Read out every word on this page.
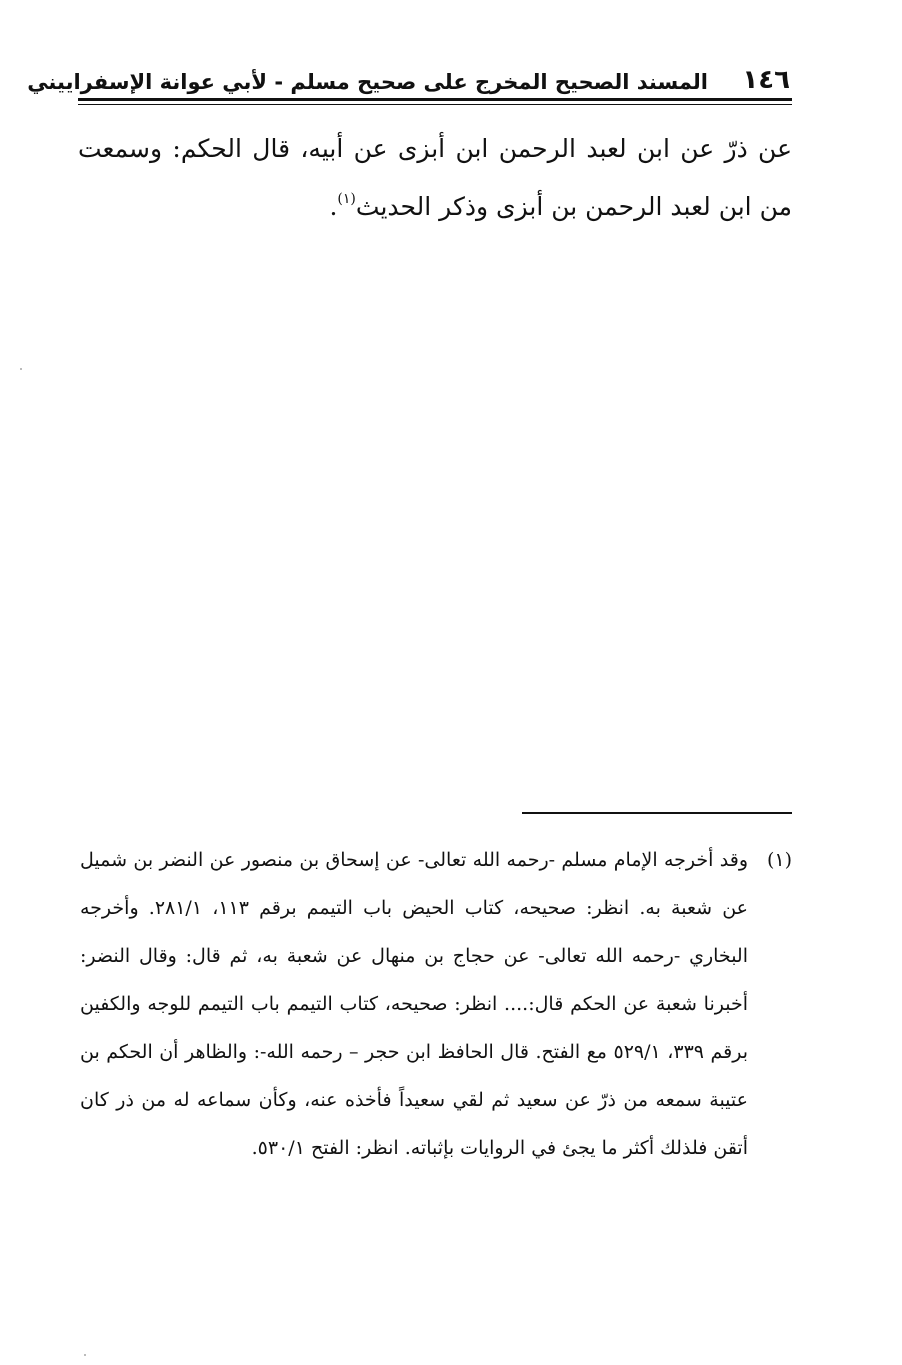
١٤٦
المسند الصحيح المخرج على صحيح مسلم - لأبي عوانة الإسفراييني

عن ذرّ عن ابن لعبد الرحمن ابن أبزى عن أبيه، قال الحكم: وسمعت من ابن لعبد الرحمن بن أبزى وذكر الحديث$^{(١)}$.

(١)
وقد أخرجه الإمام مسلم -رحمه الله تعالى- عن إسحاق بن منصور عن النضر بن شميل عن شعبة به. انظر: صحيحه، كتاب الحيض باب التيمم برقم ١١٣، ٢٨١/١. وأخرجه البخاري -رحمه الله تعالى- عن حجاج بن منهال عن شعبة به، ثم قال: وقال النضر: أخبرنا شعبة عن الحكم قال:.... انظر: صحيحه، كتاب التيمم باب التيمم للوجه والكفين برقم ٣٣٩، ٥٢٩/١ مع الفتح. قال الحافظ ابن حجر – رحمه الله-: والظاهر أن الحكم بن عتيبة سمعه من ذرّ عن سعيد ثم لقي سعيداً فأخذه عنه، وكأن سماعه له من ذر كان أتقن فلذلك أكثر ما يجئ في الروايات بإثباته. انظر: الفتح ٥٣٠/١.
